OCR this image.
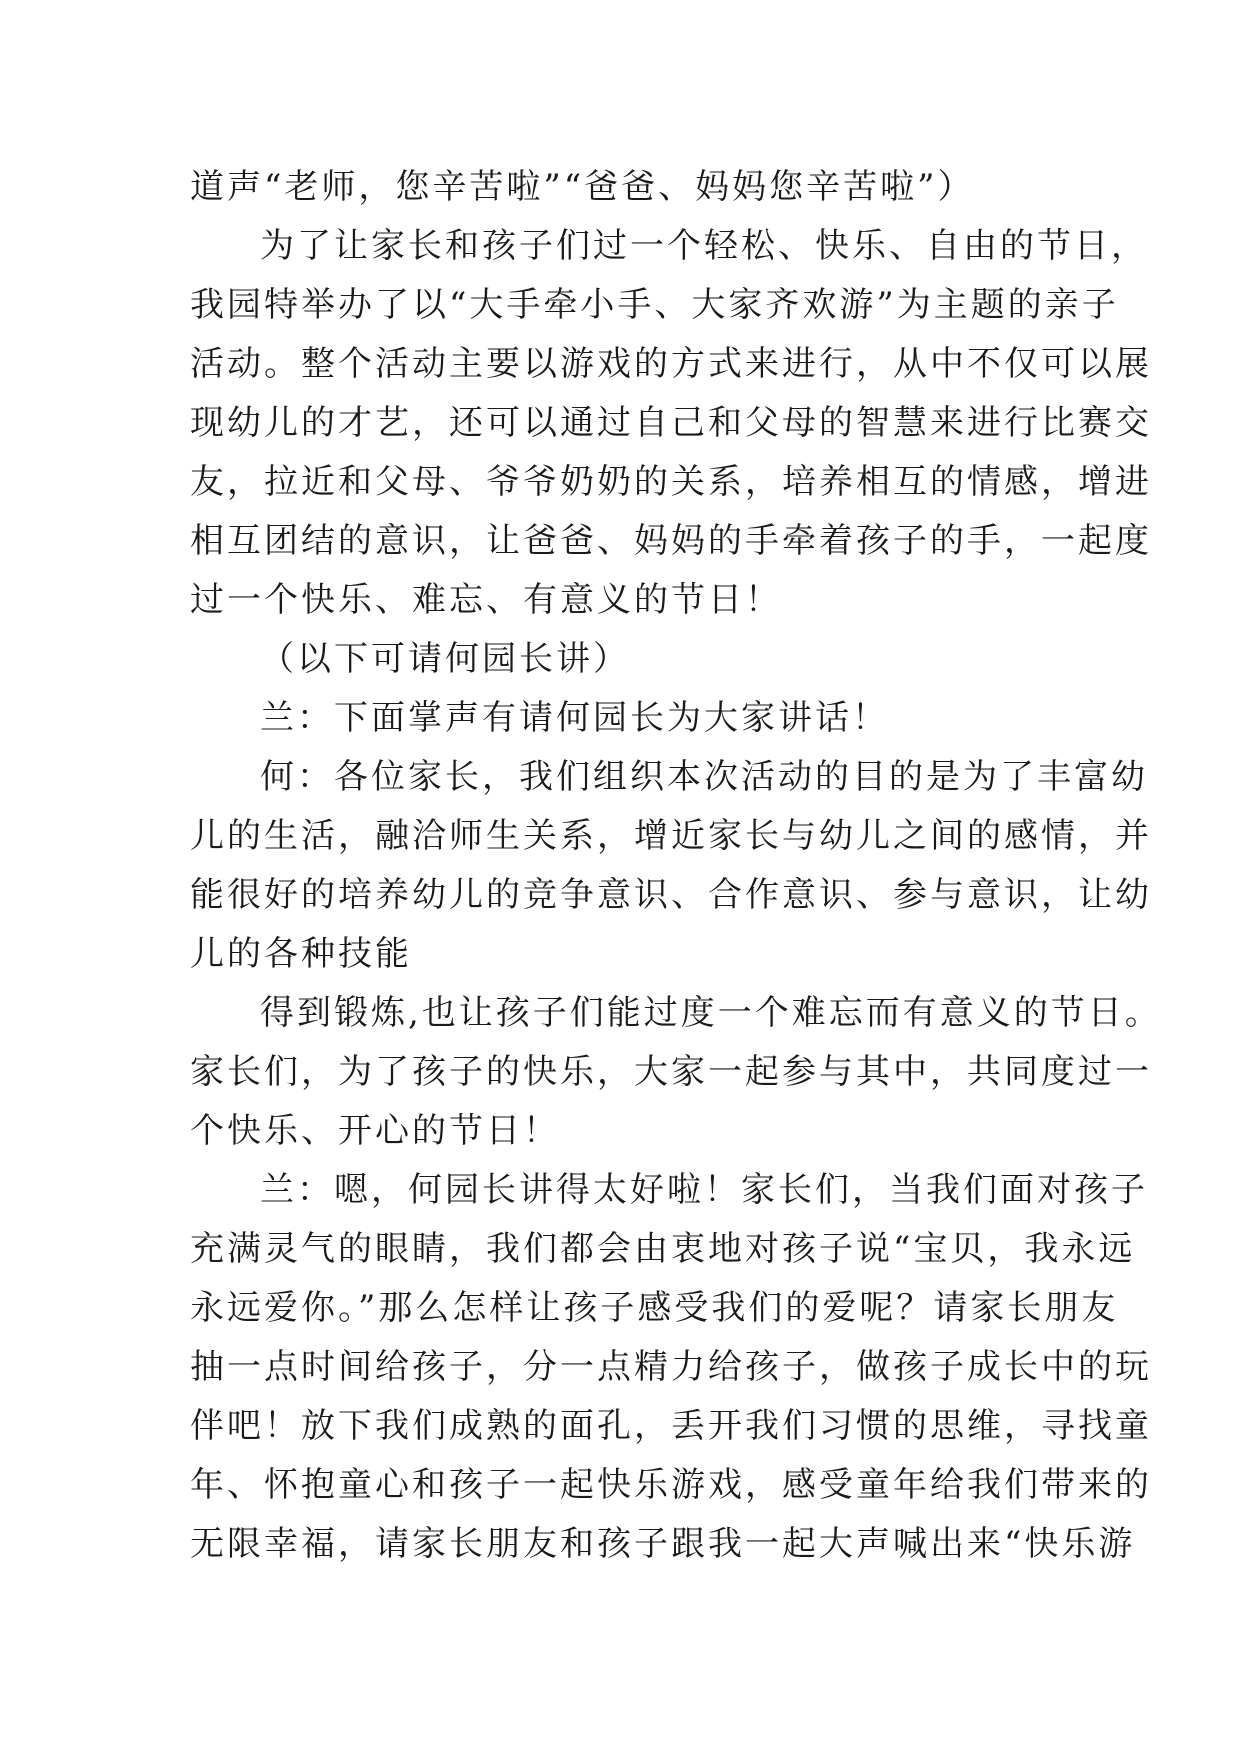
道声“老师，您辛苦啦”“爸爸、妈妈您辛苦啦”）
为了让家长和孩子们过一个轻松、快乐、自由的节日，
我园特举办了以“大手牵小手、大家齐欢游”为主题的亲子
活动。整个活动主要以游戏的方式来进行，从中不仅可以展
现幼儿的才艺，还可以通过自己和父母的智慧来进行比赛交
友，拉近和父母、爷爷奶奶的关系，培养相互的情感，增进
相互团结的意识，让爸爸、妈妈的手牵着孩子的手，一起度
过一个快乐、难忘、有意义的节日！
（以下可请何园长讲）
兰：下面掌声有请何园长为大家讲话！
何：各位家长，我们组织本次活动的目的是为了丰富幼
儿的生活，融洽师生关系，增近家长与幼儿之间的感情，并
能很好的培养幼儿的竞争意识、合作意识、参与意识，让幼
儿的各种技能
得到锻炼,也让孩子们能过度一个难忘而有意义的节日。
家长们，为了孩子的快乐，大家一起参与其中，共同度过一
个快乐、开心的节日！
兰：嗯，何园长讲得太好啦！家长们，当我们面对孩子
充满灵气的眼睛，我们都会由衷地对孩子说“宝贝，我永远
永远爱你。”那么怎样让孩子感受我们的爱呢？请家长朋友
抽一点时间给孩子，分一点精力给孩子，做孩子成长中的玩
伴吧！放下我们成熟的面孔，丢开我们习惯的思维，寻找童
年、怀抱童心和孩子一起快乐游戏，感受童年给我们带来的
无限幸福，请家长朋友和孩子跟我一起大声喊出来“快乐游
